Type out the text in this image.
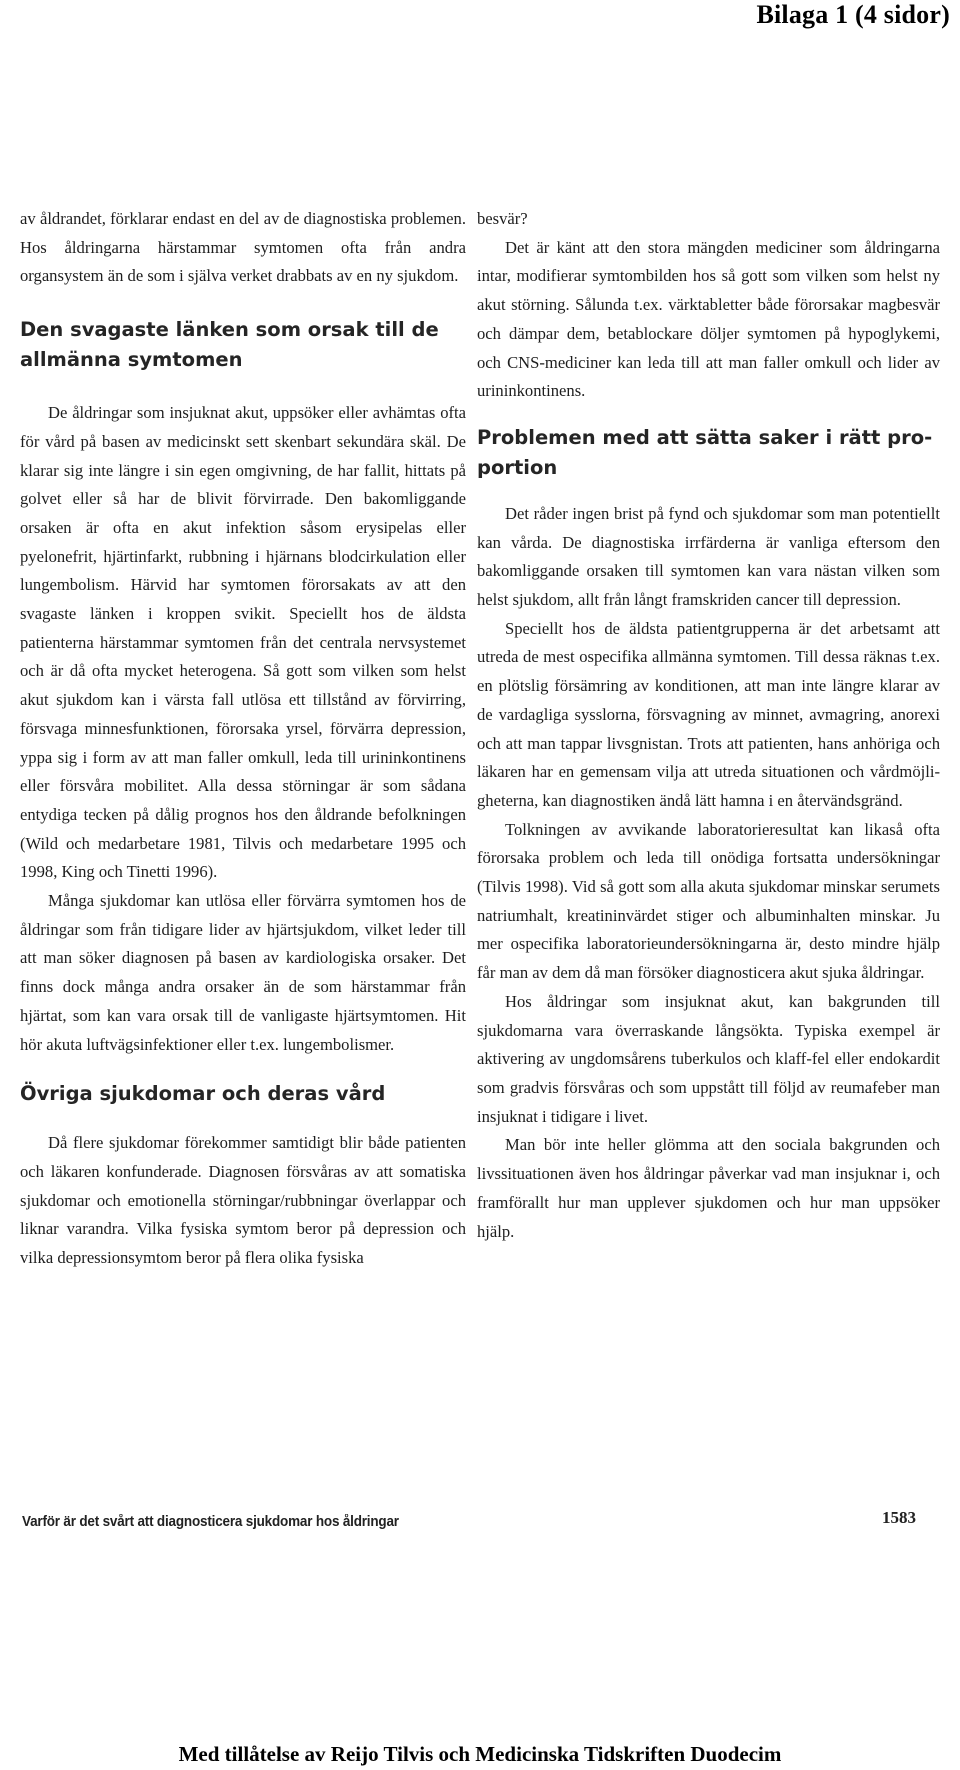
Bilaga 1 (4 sidor)

av åldrandet, förklarar endast en del av de diagnostiska problemen. Hos åldringarna härstammar symtomen ofta från andra organsystem än de som i själva verket drabbats av en ny sjukdom.

Den svagaste länken som orsak till de allmänna symtomen

De åldringar som insjuknat akut, uppsöker eller avhämtas ofta för vård på basen av medicinskt sett skenbart sekundära skäl. De klarar sig inte längre i sin egen omgivning, de har fallit, hittats på golvet eller så har de blivit förvirrade. Den bakomliggande orsaken är ofta en akut infektion såsom erysipelas eller pyelonefrit, hjärtinfarkt, rubbning i hjärnans blodcirkulation eller lungembolism. Härvid har symtomen förorsakats av att den svagaste länken i kroppen svikit. Speciellt hos de äldsta patienterna härstammar symtomen från det centrala nervsystemet och är då ofta mycket heterogena. Så gott som vilken som helst akut sjukdom kan i värsta fall utlösa ett tillstånd av förvirring, försvaga minnesfunktionen, förorsaka yrsel, förvärra depression, yppa sig i form av att man faller omkull, leda till urininkontinens eller försvåra mobilitet. Alla dessa störningar är som sådana entydiga tecken på dålig prognos hos den åldrande befolkningen (Wild och medarbetare 1981, Tilvis och medarbetare 1995 och 1998, King och Tinetti 1996).

Många sjukdomar kan utlösa eller förvärra symtomen hos de åldringar som från tidigare lider av hjärtsjukdom, vilket leder till att man söker diagnosen på basen av kardiologiska orsaker. Det finns dock många andra orsaker än de som härstammar från hjärtat, som kan vara orsak till de vanligaste hjärtsymtomen. Hit hör akuta luftvägsinfektioner eller t.ex. lungembolismer.

Övriga sjukdomar och deras vård

Då flere sjukdomar förekommer samtidigt blir både patienten och läkaren konfunderade. Diagnosen försvåras av att somatiska sjukdomar och emotionella störningar/rubbningar överlappar och liknar varandra. Vilka fysiska symtom beror på depression och vilka depressionsymtom beror på flera olika fysiska

besvär?

Det är känt att den stora mängden mediciner som åldringarna intar, modifierar symtombilden hos så gott som vilken som helst ny akut störning. Sålunda t.ex. värktabletter både förorsakar magbesvär och dämpar dem, betablockare döljer symtomen på hypoglykemi, och CNS-mediciner kan leda till att man faller omkull och lider av urininkontinens.

Problemen med att sätta saker i rätt proportion

Det råder ingen brist på fynd och sjukdomar som man potentiellt kan vårda. De diagnostiska irrfärderna är vanliga eftersom den bakomliggande orsaken till symtomen kan vara nästan vilken som helst sjukdom, allt från långt framskriden cancer till depression.

Speciellt hos de äldsta patientgrupperna är det arbetsamt att utreda de mest ospecifika allmänna symtomen. Till dessa räknas t.ex. en plötslig försämring av konditionen, att man inte längre klarar av de vardagliga sysslorna, försvagning av minnet, avmagring, anorexi och att man tappar livsgnistan. Trots att patienten, hans anhöriga och läkaren har en gemensam vilja att utreda situationen och vårdmöjligheterna, kan diagnostiken ändå lätt hamna i en återvändsgränd.

Tolkningen av avvikande laboratorieresultat kan likaså ofta förorsaka problem och leda till onödiga fortsatta undersökningar (Tilvis 1998). Vid så gott som alla akuta sjukdomar minskar serumets natriumhalt, kreatininvärdet stiger och albuminhalten minskar. Ju mer ospecifika laboratorieundersökningarna är, desto mindre hjälp får man av dem då man försöker diagnosticera akut sjuka åldringar.

Hos åldringar som insjuknat akut, kan bakgrunden till sjukdomarna vara överraskande långsökta. Typiska exempel är aktivering av ungdomsårens tuberkulos och klaff-fel eller endokardit som gradvis försvåras och som uppstått till följd av reumafeber man insjuknat i tidigare i livet.

Man bör inte heller glömma att den sociala bakgrunden och livssituationen även hos åldringar påverkar vad man insjuknar i, och framförallt hur man upplever sjukdomen och hur man uppsöker hjälp.

Varför är det svårt att diagnosticera sjukdomar hos åldringar	1583
Med tillåtelse av Reijo Tilvis och Medicinska Tidskriften Duodecim
